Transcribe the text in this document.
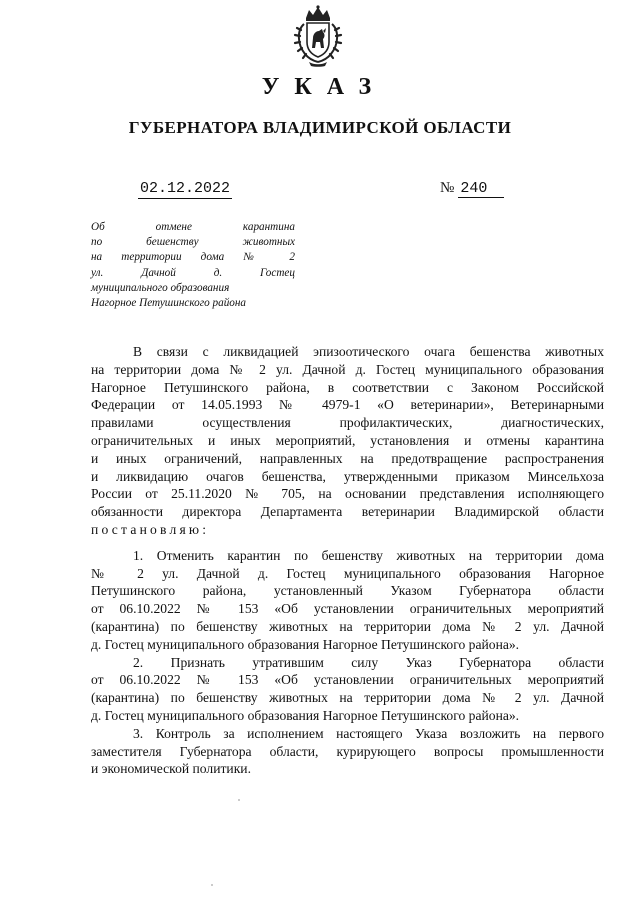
УКАЗ
ГУБЕРНАТОРА ВЛАДИМИРСКОЙ ОБЛАСТИ
02.12.2022	№ 240
Об отмене карантина
по бешенству животных
на территории дома № 2
ул. Дачной д. Гостец
муниципального образования
Нагорное Петушинского района
В связи с ликвидацией эпизоотического очага бешенства животных
на территории дома № 2 ул. Дачной д. Гостец муниципального образования
Нагорное Петушинского района, в соответствии с Законом Российской
Федерации от 14.05.1993 № 4979-1 «О ветеринарии», Ветеринарными
правилами осуществления профилактических, диагностических,
ограничительных и иных мероприятий, установления и отмены карантина
и иных ограничений, направленных на предотвращение распространения
и ликвидацию очагов бешенства, утвержденными приказом Минсельхоза
России от 25.11.2020 № 705, на основании представления исполняющего
обязанности директора Департамента ветеринарии Владимирской области
постановляю:
1. Отменить карантин по бешенству животных на территории дома
№ 2 ул. Дачной д. Гостец муниципального образования Нагорное
Петушинского района, установленный Указом Губернатора области
от 06.10.2022 № 153 «Об установлении ограничительных мероприятий
(карантина) по бешенству животных на территории дома № 2 ул. Дачной
д. Гостец муниципального образования Нагорное Петушинского района».
2. Признать утратившим силу Указ Губернатора области
от 06.10.2022 № 153 «Об установлении ограничительных мероприятий
(карантина) по бешенству животных на территории дома № 2 ул. Дачной
д. Гостец муниципального образования Нагорное Петушинского района».
3. Контроль за исполнением настоящего Указа возложить на первого
заместителя Губернатора области, курирующего вопросы промышленности
и экономической политики.
